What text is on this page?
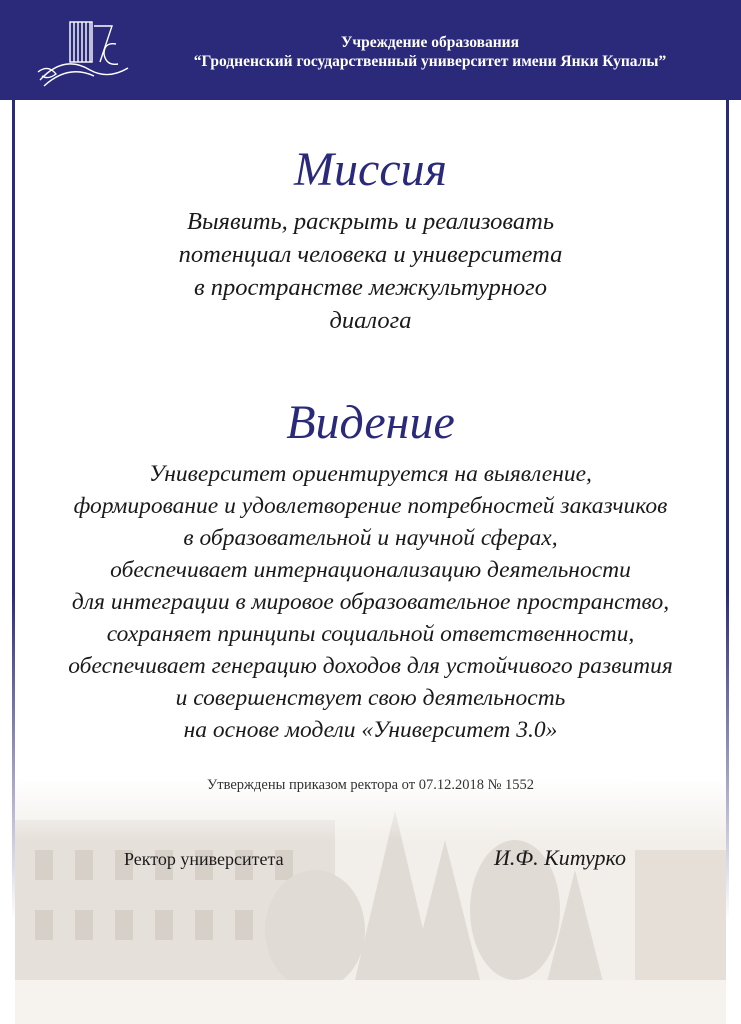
Учреждение образования
“Гродненский государственный университет имени Янки Купалы”
Миссия
Выявить, раскрыть и реализовать
потенциал человека и университета
в пространстве межкультурного
диалога
Видение
Университет ориентируется на выявление,
формирование и удовлетворение потребностей заказчиков
в образовательной и научной сферах,
обеспечивает интернационализацию деятельности
для интеграции в мировое образовательное пространство,
сохраняет принципы социальной ответственности,
обеспечивает генерацию доходов для устойчивого развития
и совершенствует свою деятельность
на основе модели «Университет 3.0»
Утверждены приказом ректора от 07.12.2018 № 1552
Ректор университета	И.Ф. Китурко
